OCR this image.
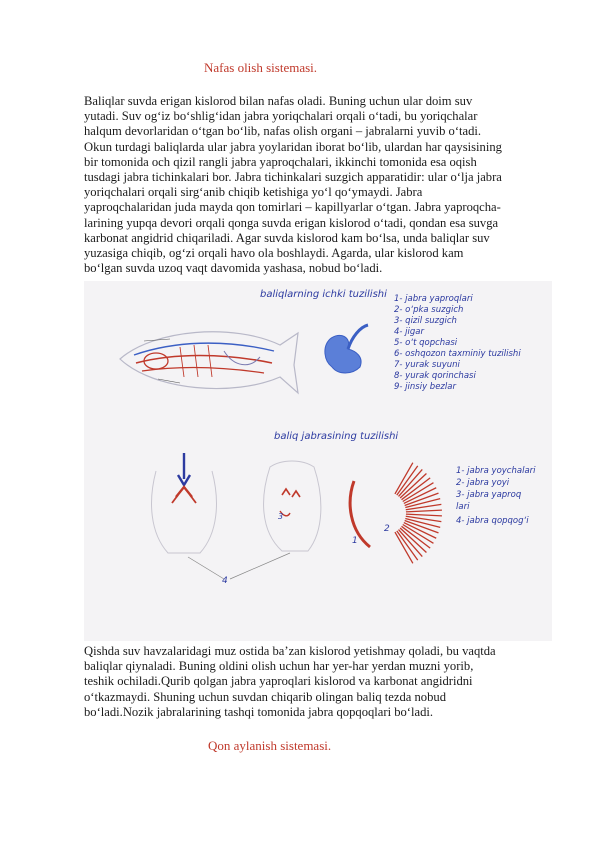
Nafas olish sistemasi.
Baliqlar suvda erigan kislorod bilan nafas oladi. Buning uchun ular doim suv
yutadi. Suv og‘iz bo‘shlig‘idan jabra yoriqchalari orqali o‘tadi, bu yoriqchalar
halqum devorlaridan o‘tgan bo‘lib, nafas olish organi – jabralarni yuvib o‘tadi.
Okun turdagi baliqlarda ular jabra yoylaridan iborat bo‘lib, ulardan har qaysisining
bir tomonida och qizil rangli jabra yaproqchalari, ikkinchi tomonida esa oqish
tusdagi jabra tichinkalari bor. Jabra tichinkalari suzgich apparatidir: ular o‘lja jabra
yoriqchalari orqali sirg‘anib chiqib ketishiga yo‘l qo‘ymaydi. Jabra
yaproqchalaridan juda mayda qon tomirlari – kapillyarlar o‘tgan. Jabra yaproqcha-
larining yupqa devori orqali qonga suvda erigan kislorod o‘tadi, qondan esa suvga
karbonat angidrid chiqariladi. Agar suvda kislorod kam bo‘lsa, unda baliqlar suv
yuzasiga chiqib, og‘zi orqali havo ola boshlaydi. Agarda, ular kislorod kam
bo‘lgan suvda uzoq vaqt davomida yashasa, nobud bo‘ladi.
baliqlarning ichki tuzilishi 1- jabra yaproqlari
2- o‘pka suzgich
3- qizil suzgich
4- jigar
5- o‘t qopchasi
6- oshqozon taxminiy tuzilishi
7- yurak suyuni
8- yurak qorinchasi
9- jinsiy bezlar
baliq jabrasining tuzilishi
1
2
3
4
1- jabra yoychalari
2- jabra yoyi
3- jabra yaproq
lari
4- jabra qopqog‘i
Qishda suv havzalaridagi muz ostida ba’zan kislorod yetishmay qoladi, bu vaqtda
baliqlar qiynaladi. Buning oldini olish uchun har yer-har yerdan muzni yorib,
teshik ochiladi.Qurib qolgan jabra yaproqlari kislorod va karbonat angidridni
o‘tkazmaydi. Shuning uchun suvdan chiqarib olingan baliq tezda nobud
bo‘ladi.Nozik jabralarining tashqi tomonida jabra qopqoqlari bo‘ladi.
Qon aylanish sistemasi.
